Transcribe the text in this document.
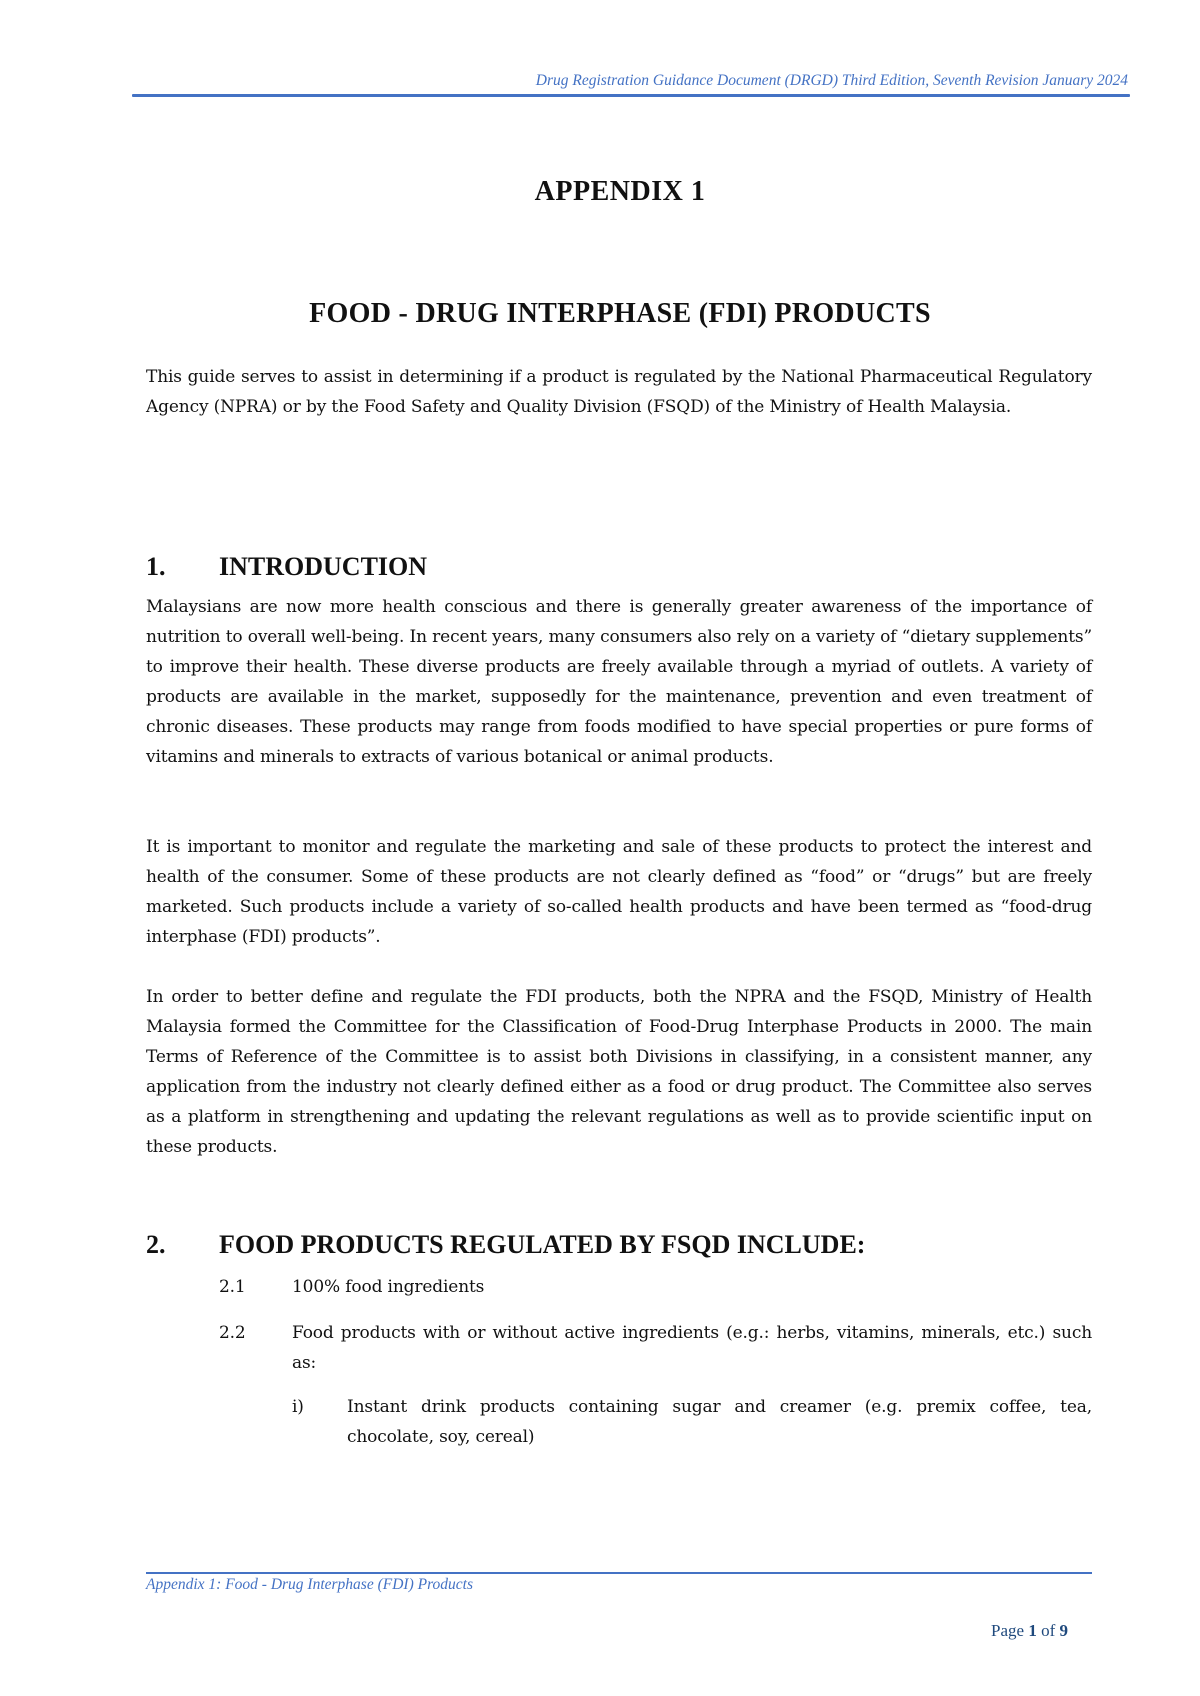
Drug Registration Guidance Document (DRGD) Third Edition, Seventh Revision January 2024
APPENDIX 1
FOOD - DRUG INTERPHASE (FDI) PRODUCTS

This guide serves to assist in determining if a product is regulated by the National Pharmaceutical Regulatory Agency (NPRA) or by the Food Safety and Quality Division (FSQD) of the Ministry of Health Malaysia.

1. INTRODUCTION

Malaysians are now more health conscious and there is generally greater awareness of the importance of nutrition to overall well-being. In recent years, many consumers also rely on a variety of “dietary supplements” to improve their health. These diverse products are freely available through a myriad of outlets. A variety of products are available in the market, supposedly for the maintenance, prevention and even treatment of chronic diseases. These products may range from foods modified to have special properties or pure forms of vitamins and minerals to extracts of various botanical or animal products.

It is important to monitor and regulate the marketing and sale of these products to protect the interest and health of the consumer. Some of these products are not clearly defined as “food” or “drugs” but are freely marketed. Such products include a variety of so-called health products and have been termed as “food-drug interphase (FDI) products”.

In order to better define and regulate the FDI products, both the NPRA and the FSQD, Ministry of Health Malaysia formed the Committee for the Classification of Food-Drug Interphase Products in 2000. The main Terms of Reference of the Committee is to assist both Divisions in classifying, in a consistent manner, any application from the industry not clearly defined either as a food or drug product. The Committee also serves as a platform in strengthening and updating the relevant regulations as well as to provide scientific input on these products.

2. FOOD PRODUCTS REGULATED BY FSQD INCLUDE:
2.1	100% food ingredients
2.2	Food products with or without active ingredients (e.g.: herbs, vitamins, minerals, etc.) such as:
i)	Instant drink products containing sugar and creamer (e.g. premix coffee, tea, chocolate, soy, cereal)
Appendix 1: Food - Drug Interphase (FDI) Products
Page 1 of 9
